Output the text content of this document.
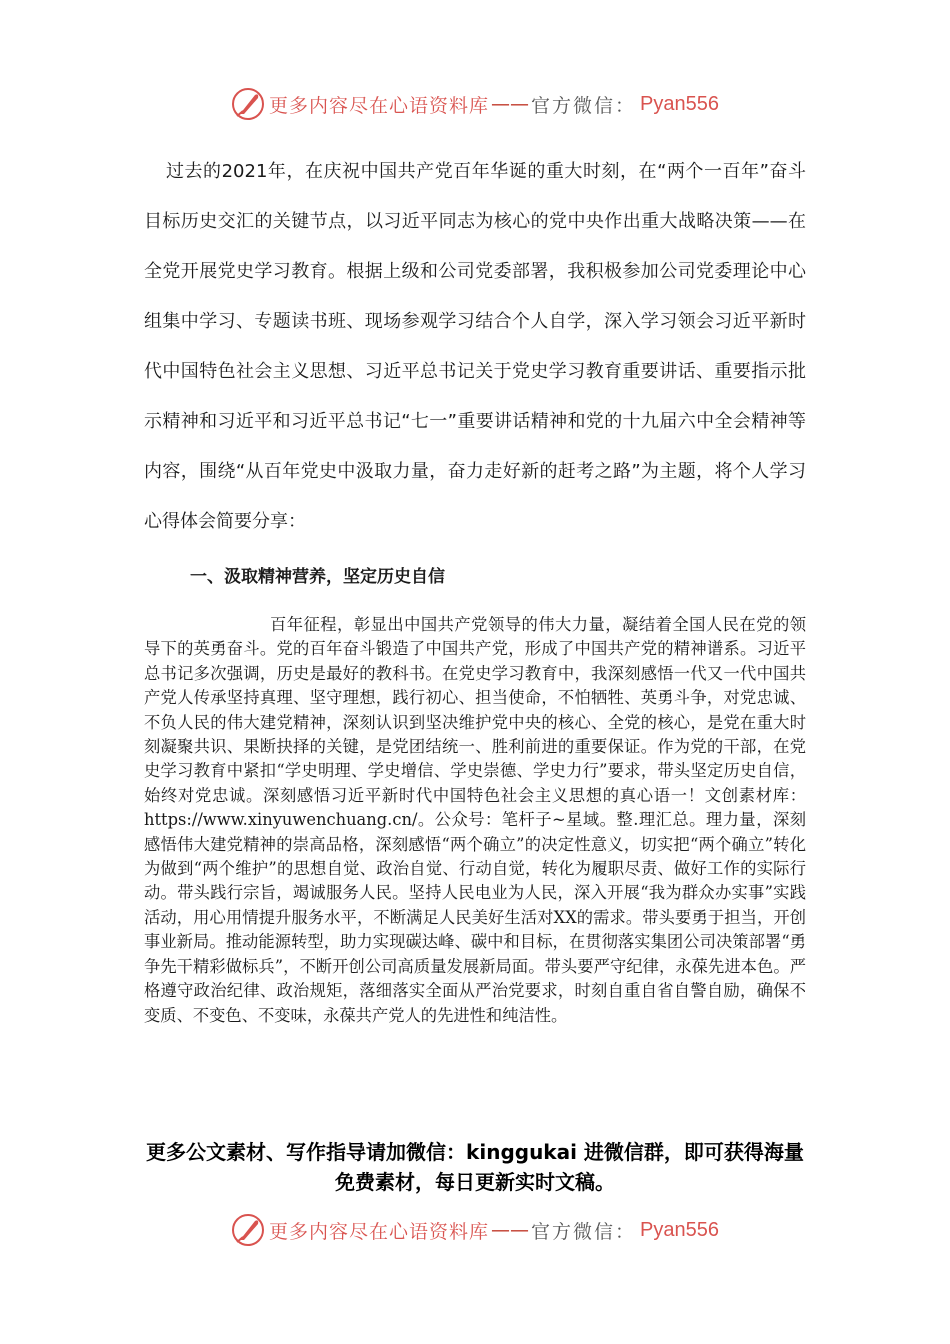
更多内容尽在心语资料库 —— 官方微信： Pyan556

过去的2021年，在庆祝中国共产党百年华诞的重大时刻，在“两个一百年”奋斗目标历史交汇的关键节点，以习近平同志为核心的党中央作出重大战略决策——在全党开展党史学习教育。根据上级和公司党委部署，我积极参加公司党委理论中心组集中学习、专题读书班、现场参观学习结合个人自学，深入学习领会习近平新时代中国特色社会主义思想、习近平总书记关于党史学习教育重要讲话、重要指示批示精神和习近平和习近平总书记“七一”重要讲话精神和党的十九届六中全会精神等内容，围绕“从百年党史中汲取力量，奋力走好新的赶考之路”为主题，将个人学习心得体会简要分享：

一、汲取精神营养，坚定历史自信

百年征程，彰显出中国共产党领导的伟大力量，凝结着全国人民在党的领导下的英勇奋斗。党的百年奋斗锻造了中国共产党，形成了中国共产党的精神谱系。习近平总书记多次强调，历史是最好的教科书。在党史学习教育中，我深刻感悟一代又一代中国共产党人传承坚持真理、坚守理想，践行初心、担当使命，不怕牺牲、英勇斗争，对党忠诚、不负人民的伟大建党精神，深刻认识到坚决维护党中央的核心、全党的核心，是党在重大时刻凝聚共识、果断抉择的关键，是党团结统一、胜利前进的重要保证。作为党的干部，在党史学习教育中紧扣“学史明理、学史增信、学史崇德、学史力行”要求，带头坚定历史自信，始终对党忠诚。深刻感悟习近平新时代中国特色社会主义思想的真心语一！文创素材库：https://www.xinyuwenchuang.cn/。公众号：笔杆子~星域。整.理汇总。理力量，深刻感悟伟大建党精神的崇高品格，深刻感悟“两个确立”的决定性意义，切实把“两个确立”转化为做到“两个维护”的思想自觉、政治自觉、行动自觉，转化为履职尽责、做好工作的实际行动。带头践行宗旨，竭诚服务人民。坚持人民电业为人民，深入开展“我为群众办实事”实践活动，用心用情提升服务水平，不断满足人民美好生活对XX的需求。带头要勇于担当，开创事业新局。推动能源转型，助力实现碳达峰、碳中和目标，在贯彻落实集团公司决策部署“勇争先干精彩做标兵”，不断开创公司高质量发展新局面。带头要严守纪律，永葆先进本色。严格遵守政治纪律、政治规矩，落细落实全面从严治党要求，时刻自重自省自警自励，确保不变质、不变色、不变味，永葆共产党人的先进性和纯洁性。

更多公文素材、写作指导请加微信：kinggukai 进微信群，即可获得海量免费素材，每日更新实时文稿。

更多内容尽在心语资料库 —— 官方微信： Pyan556
